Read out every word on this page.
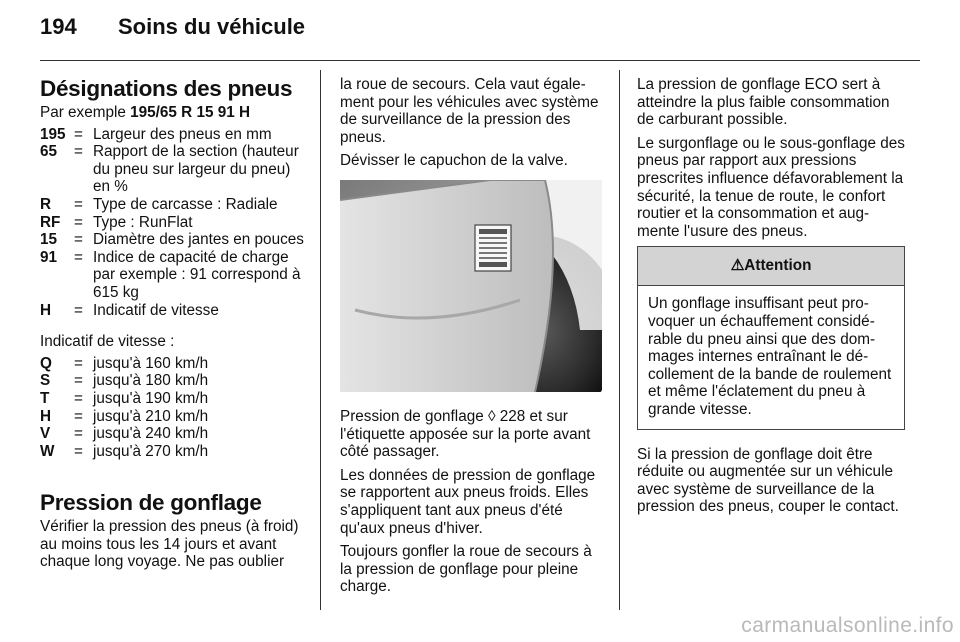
194 Soins du véhicule
Désignations des pneus

Par exemple 195/65 R 15 91 H

195 = Largeur des pneus en mm
65	= Rapport de la section (hauteur du pneu sur largeur du pneu) en %
R	= Type de carcasse : Radiale
RF = Type : RunFlat
15	= Diamètre des jantes en pouces
91	= Indice de capacité de charge par exemple : 91 correspond à 615 kg
H	= Indicatif de vitesse

Indicatif de vitesse :

Q	= jusqu'à 160 km/h
S	= jusqu'à 180 km/h
T	= jusqu'à 190 km/h
H	= jusqu'à 210 km/h
V	= jusqu'à 240 km/h
W	= jusqu'à 270 km/h
Pression de gonflage

Vérifier la pression des pneus (à froid) au moins tous les 14 jours et avant chaque long voyage. Ne pas oublier

la roue de secours. Cela vaut également pour les véhicules avec système de surveillance de la pression des pneus.

Dévisser le capuchon de la valve.

Pression de gonflage ◊ 228 et sur l'étiquette apposée sur la porte avant côté passager.

Les données de pression de gonflage se rapportent aux pneus froids. Elles s'appliquent tant aux pneus d'été qu'aux pneus d'hiver.

Toujours gonfler la roue de secours à la pression de gonflage pour pleine charge.

La pression de gonflage ECO sert à atteindre la plus faible consommation de carburant possible.

Le surgonflage ou le sous-gonflage des pneus par rapport aux pressions prescrites influence défavorablement la sécurité, la tenue de route, le confort routier et la consommation et augmente l'usure des pneus.

⚠Attention
Un gonflage insuffisant peut provoquer un échauffement considérable du pneu ainsi que des dommages internes entraînant le décollement de la bande de roulement et même l'éclatement du pneu à grande vitesse.

Si la pression de gonflage doit être réduite ou augmentée sur un véhicule avec système de surveillance de la pression des pneus, couper le contact.

carmanualsonline.info
